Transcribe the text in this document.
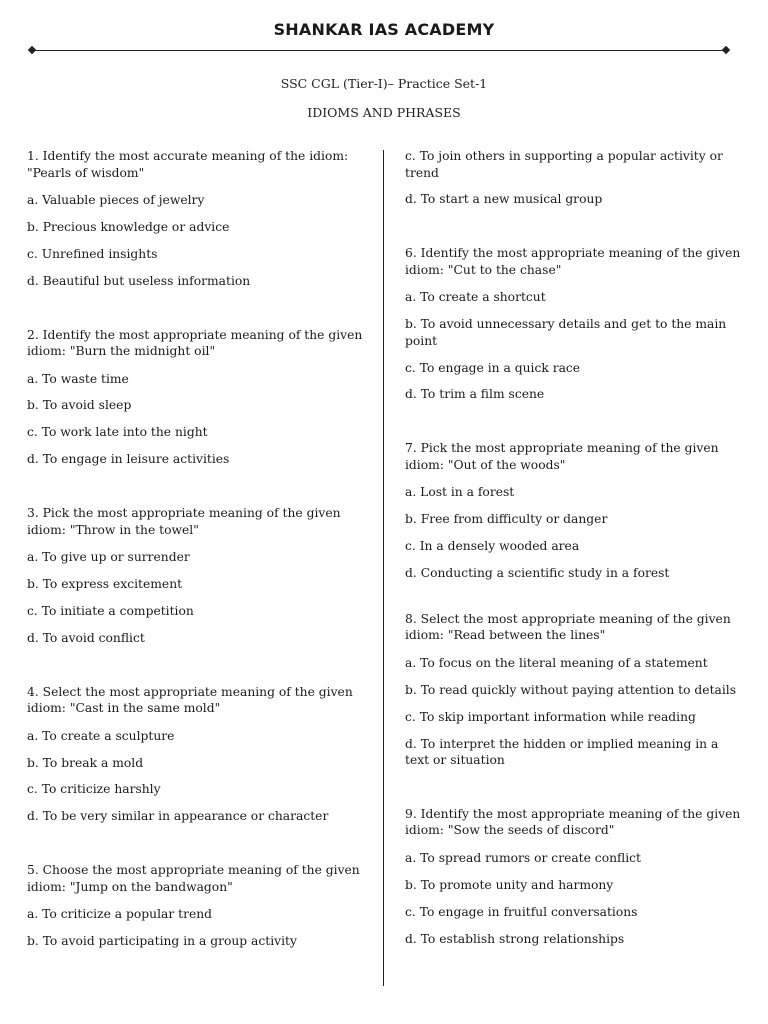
SHANKAR IAS ACADEMY
SSC CGL (Tier-I)– Practice Set-1
IDIOMS AND PHRASES

1. Identify the most accurate meaning of the idiom: "Pearls of wisdom"

a. Valuable pieces of jewelry

b. Precious knowledge or advice

c. Unrefined insights

d. Beautiful but useless information

2. Identify the most appropriate meaning of the given idiom: "Burn the midnight oil"

a. To waste time

b. To avoid sleep

c. To work late into the night

d. To engage in leisure activities

3. Pick the most appropriate meaning of the given idiom: "Throw in the towel"

a. To give up or surrender

b. To express excitement

c. To initiate a competition

d. To avoid conflict

4. Select the most appropriate meaning of the given idiom: "Cast in the same mold"

a. To create a sculpture

b. To break a mold

c. To criticize harshly

d. To be very similar in appearance or character

5. Choose the most appropriate meaning of the given idiom: "Jump on the bandwagon"

a. To criticize a popular trend

b. To avoid participating in a group activity

c. To join others in supporting a popular activity or trend

d. To start a new musical group

6. Identify the most appropriate meaning of the given idiom: "Cut to the chase"

a. To create a shortcut

b. To avoid unnecessary details and get to the main point

c. To engage in a quick race

d. To trim a film scene

7. Pick the most appropriate meaning of the given idiom: "Out of the woods"

a. Lost in a forest

b. Free from difficulty or danger

c. In a densely wooded area

d. Conducting a scientific study in a forest

8. Select the most appropriate meaning of the given idiom: "Read between the lines"

a. To focus on the literal meaning of a statement

b. To read quickly without paying attention to details

c. To skip important information while reading

d. To interpret the hidden or implied meaning in a text or situation

9. Identify the most appropriate meaning of the given idiom: "Sow the seeds of discord"

a. To spread rumors or create conflict

b. To promote unity and harmony

c. To engage in fruitful conversations

d. To establish strong relationships
